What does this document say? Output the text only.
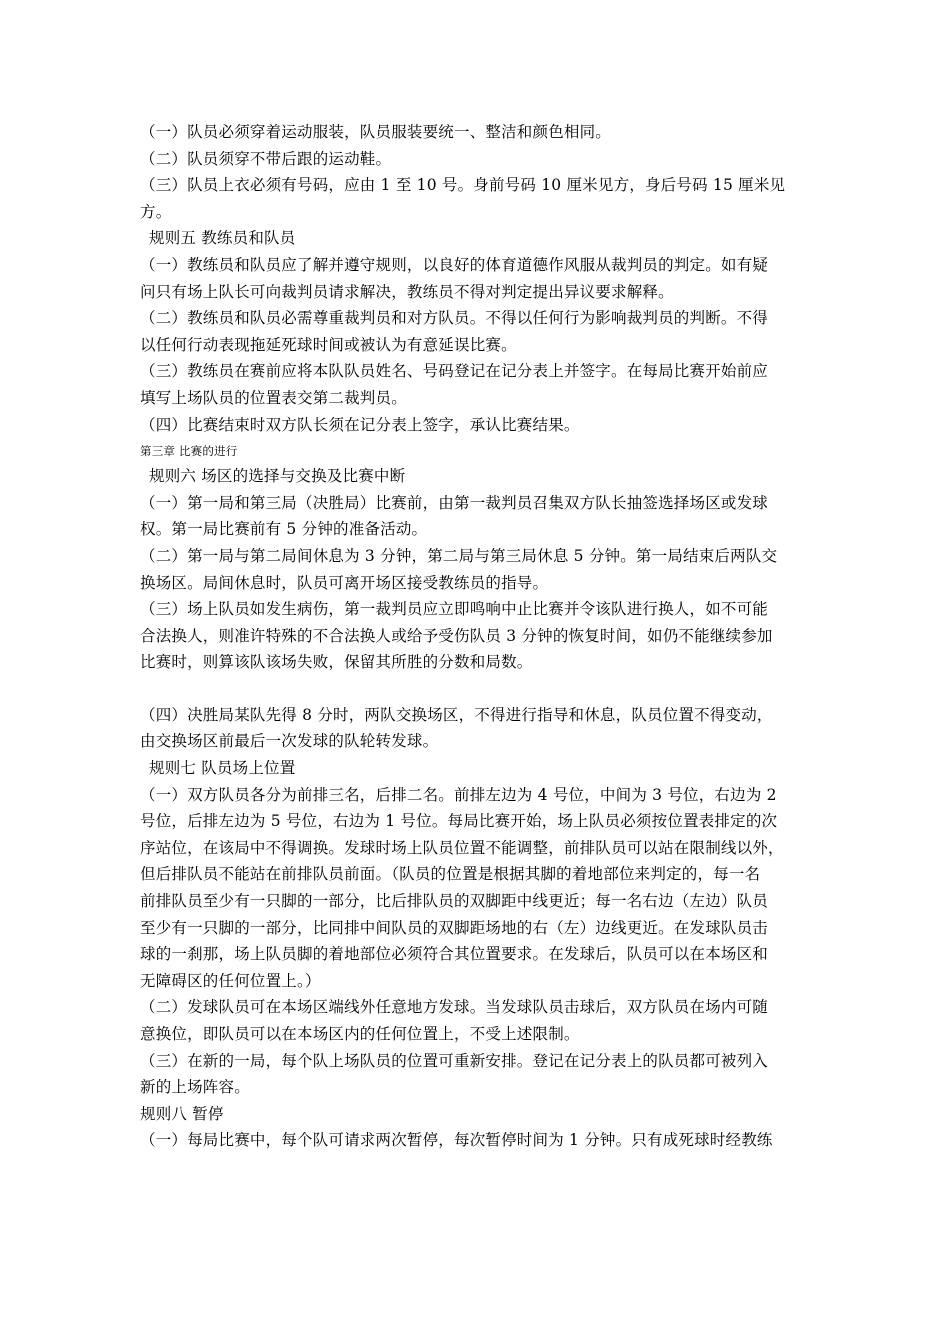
（一）队员必须穿着运动服装，队员服装要统一、整洁和颜色相同。
（二）队员须穿不带后跟的运动鞋。
（三）队员上衣必须有号码，应由 1 至 10 号。身前号码 10 厘米见方，身后号码 15 厘米见
方。
规则五 教练员和队员
（一）教练员和队员应了解并遵守规则，以良好的体育道德作风服从裁判员的判定。如有疑
问只有场上队长可向裁判员请求解决，教练员不得对判定提出异议要求解释。
（二）教练员和队员必需尊重裁判员和对方队员。不得以任何行为影响裁判员的判断。不得
以任何行动表现拖延死球时间或被认为有意延误比赛。
（三）教练员在赛前应将本队队员姓名、号码登记在记分表上并签字。在每局比赛开始前应
填写上场队员的位置表交第二裁判员。
（四）比赛结束时双方队长须在记分表上签字，承认比赛结果。
第三章 比赛的进行
规则六 场区的选择与交换及比赛中断
（一）第一局和第三局（决胜局）比赛前，由第一裁判员召集双方队长抽签选择场区或发球
权。第一局比赛前有 5 分钟的准备活动。
（二）第一局与第二局间休息为 3 分钟，第二局与第三局休息 5 分钟。第一局结束后两队交
换场区。局间休息时，队员可离开场区接受教练员的指导。
（三）场上队员如发生病伤，第一裁判员应立即鸣响中止比赛并令该队进行换人，如不可能
合法换人，则准许特殊的不合法换人或给予受伤队员 3 分钟的恢复时间，如仍不能继续参加
比赛时，则算该队该场失败，保留其所胜的分数和局数。
（四）决胜局某队先得 8 分时，两队交换场区，不得进行指导和休息，队员位置不得变动，
由交换场区前最后一次发球的队轮转发球。
规则七 队员场上位置
（一）双方队员各分为前排三名，后排二名。前排左边为 4 号位，中间为 3 号位，右边为 2
号位，后排左边为 5 号位，右边为 1 号位。每局比赛开始，场上队员必须按位置表排定的次
序站位，在该局中不得调换。发球时场上队员位置不能调整，前排队员可以站在限制线以外，
但后排队员不能站在前排队员前面。（队员的位置是根据其脚的着地部位来判定的，每一名
前排队员至少有一只脚的一部分，比后排队员的双脚距中线更近；每一名右边（左边）队员
至少有一只脚的一部分，比同排中间队员的双脚距场地的右（左）边线更近。在发球队员击
球的一刹那，场上队员脚的着地部位必须符合其位置要求。在发球后，队员可以在本场区和
无障碍区的任何位置上。）
（二）发球队员可在本场区端线外任意地方发球。当发球队员击球后，双方队员在场内可随
意换位，即队员可以在本场区内的任何位置上，不受上述限制。
（三）在新的一局，每个队上场队员的位置可重新安排。登记在记分表上的队员都可被列入
新的上场阵容。
规则八 暂停
（一）每局比赛中，每个队可请求两次暂停，每次暂停时间为 1 分钟。只有成死球时经教练
